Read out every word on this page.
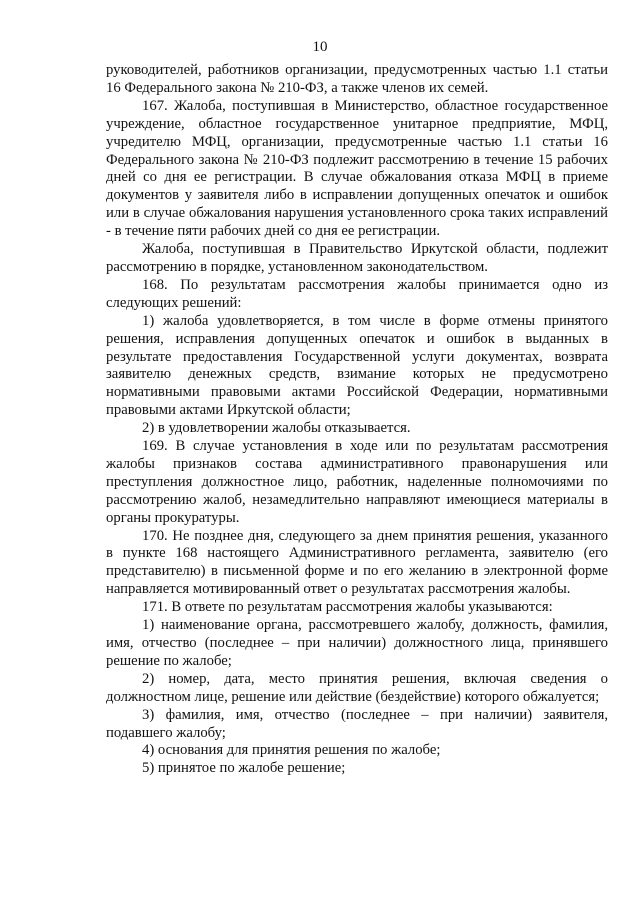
10

руководителей, работников организации, предусмотренных частью 1.1 статьи 16 Федерального закона № 210-ФЗ, а также членов их семей.

167. Жалоба, поступившая в Министерство, областное государственное учреждение, областное государственное унитарное предприятие, МФЦ, учредителю МФЦ, организации, предусмотренные частью 1.1 статьи 16 Федерального закона № 210-ФЗ подлежит рассмотрению в течение 15 рабочих дней со дня ее регистрации. В случае обжалования отказа МФЦ в приеме документов у заявителя либо в исправлении допущенных опечаток и ошибок или в случае обжалования нарушения установленного срока таких исправлений - в течение пяти рабочих дней со дня ее регистрации.

Жалоба, поступившая в Правительство Иркутской области, подлежит рассмотрению в порядке, установленном законодательством.

168. По результатам рассмотрения жалобы принимается одно из следующих решений:

1) жалоба удовлетворяется, в том числе в форме отмены принятого решения, исправления допущенных опечаток и ошибок в выданных в результате предоставления Государственной услуги документах, возврата заявителю денежных средств, взимание которых не предусмотрено нормативными правовыми актами Российской Федерации, нормативными правовыми актами Иркутской области;

2) в удовлетворении жалобы отказывается.

169. В случае установления в ходе или по результатам рассмотрения жалобы признаков состава административного правонарушения или преступления должностное лицо, работник, наделенные полномочиями по рассмотрению жалоб, незамедлительно направляют имеющиеся материалы в органы прокуратуры.

170. Не позднее дня, следующего за днем принятия решения, указанного в пункте 168 настоящего Административного регламента, заявителю (его представителю) в письменной форме и по его желанию в электронной форме направляется мотивированный ответ о результатах рассмотрения жалобы.

171. В ответе по результатам рассмотрения жалобы указываются:

1) наименование органа, рассмотревшего жалобу, должность, фамилия, имя, отчество (последнее – при наличии) должностного лица, принявшего решение по жалобе;

2) номер, дата, место принятия решения, включая сведения о должностном лице, решение или действие (бездействие) которого обжалуется;

3) фамилия, имя, отчество (последнее – при наличии) заявителя, подавшего жалобу;

4) основания для принятия решения по жалобе;

5) принятое по жалобе решение;
